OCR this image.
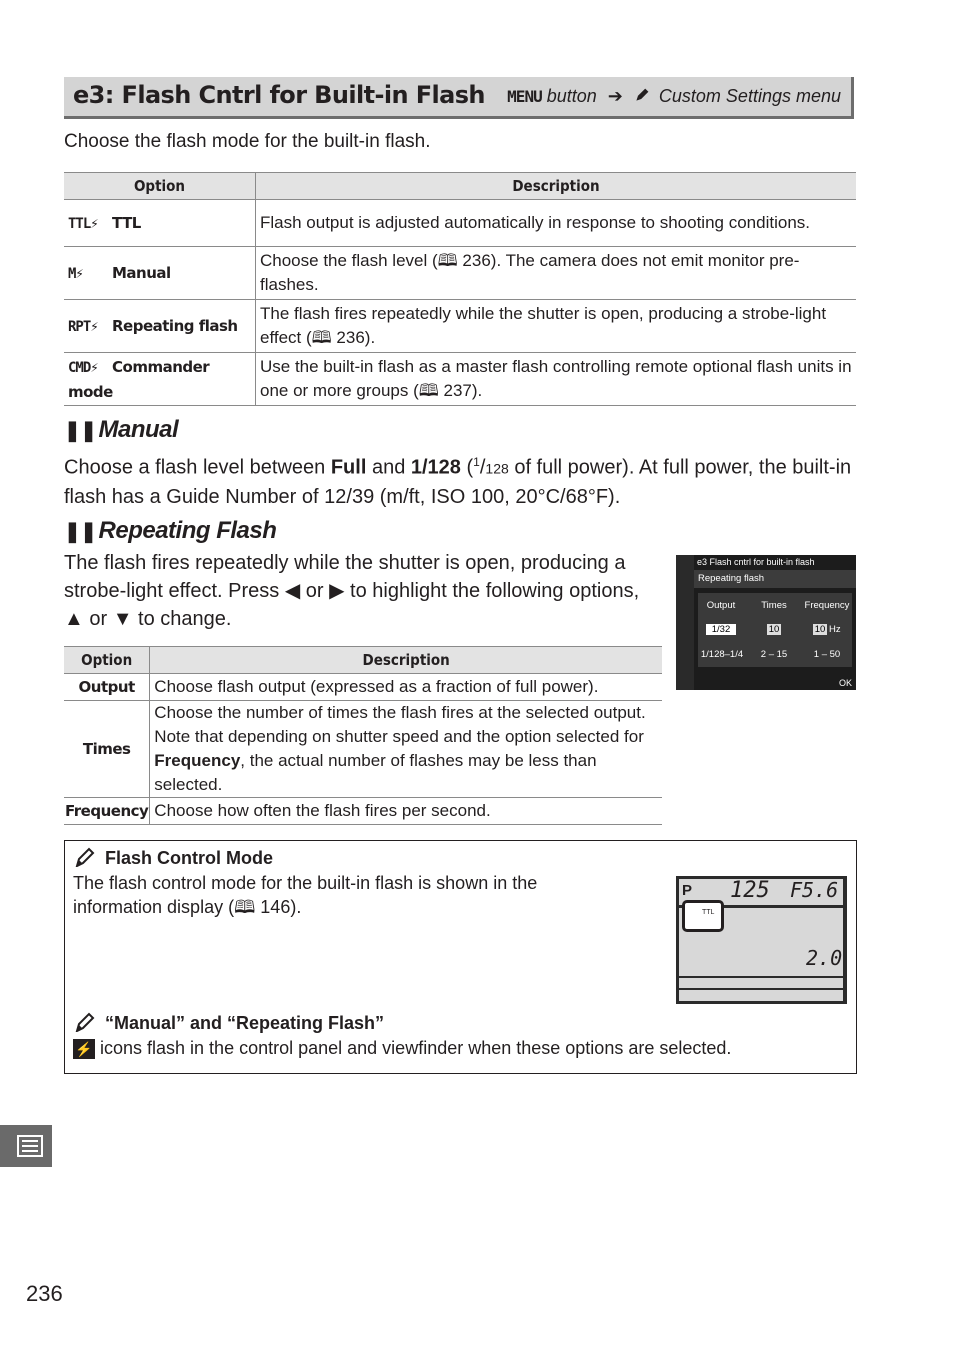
e3: Flash Cntrl for Built-in Flash MENU button ➔ Custom Settings menu
Choose the flash mode for the built-in flash.
Option	Description
TTL⚡ TTL	Flash output is adjusted automatically in response to shooting conditions.
M⚡ Manual	Choose the flash level (🕮 236). The camera does not emit monitor pre-flashes.
RPT⚡ Repeating flash	The flash fires repeatedly while the shutter is open, producing a strobe-light effect (🕮 236).
CMD⚡ Commander mode	Use the built-in flash as a master flash controlling remote optional flash units in one or more groups (🕮 237).
❚❚Manual
Choose a flash level between Full and 1/128 ($^1$/128 of full power). At full power, the built-in flash has a Guide Number of 12/39 (m/ft, ISO 100, 20°C/68°F).
❚❚Repeating Flash
The flash fires repeatedly while the shutter is open, producing a strobe-light effect. Press ◀ or ▶ to highlight the following options, ▲ or ▼ to change.
e3 Flash cntrl for built-in flash
Repeating flash
Output	Times	Frequency
1/32	10	10 Hz
1/128–1/4	2 – 15	1 – 50
OK
Option	Description
Output	Choose flash output (expressed as a fraction of full power).
Times	Choose the number of times the flash fires at the selected output. Note that depending on shutter speed and the option selected for Frequency, the actual number of flashes may be less than selected.
Frequency	Choose how often the flash fires per second.
Flash Control Mode
The flash control mode for the built-in flash is shown in the information display (🕮 146).
“Manual” and “Repeating Flash”
⚡ icons flash in the control panel and viewfinder when these options are selected.
P 125 F5.6
TTL
2.0
236
